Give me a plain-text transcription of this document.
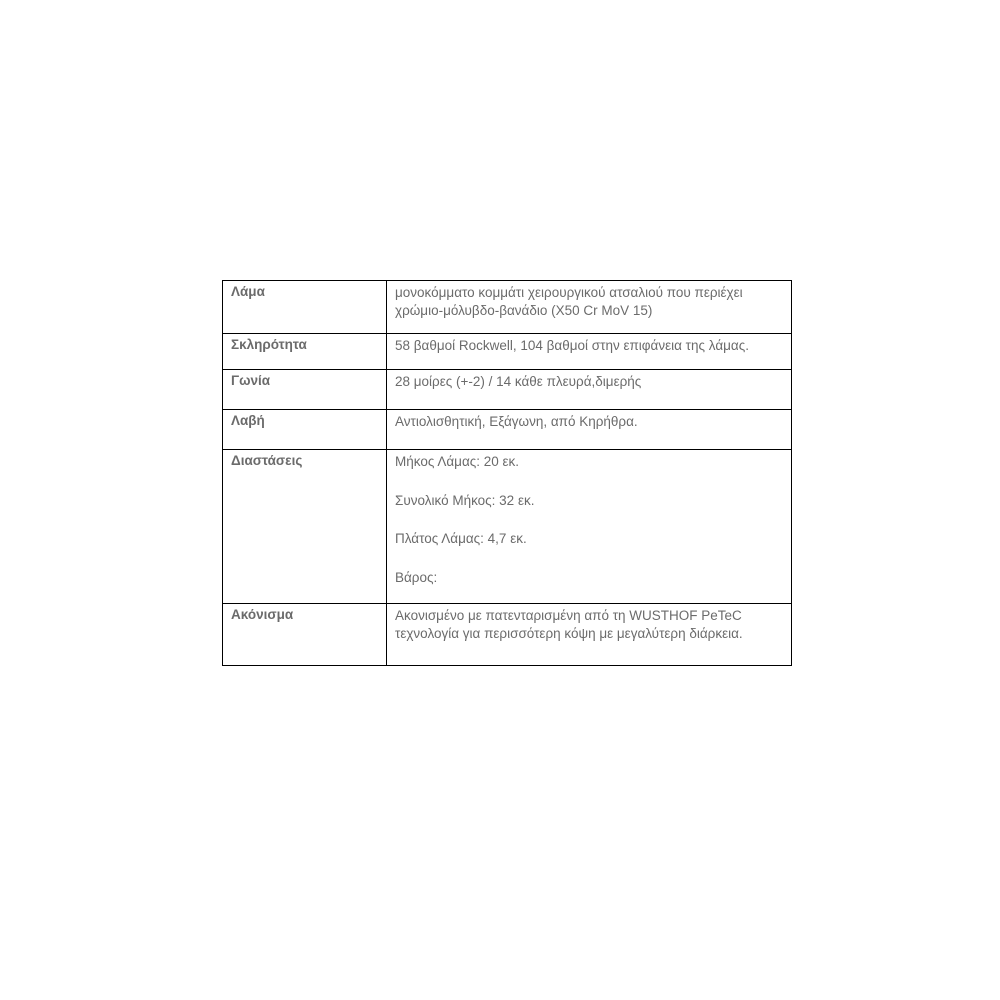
Λάμα	μονοκόμματο κομμάτι χειρουργικού ατσαλιού που περιέχει
χρώμιο-μόλυβδο-βανάδιο (X50 Cr MoV 15)
Σκληρότητα	58 βαθμοί Rockwell, 104 βαθμοί στην επιφάνεια της λάμας.
Γωνία	28 μοίρες (+-2) / 14 κάθε πλευρά,διμερής
Λαβή	Αντιολισθητική, Εξάγωνη, από Κηρήθρα.
Διαστάσεις	Μήκος Λάμας: 20 εκ.
Συνολικό Μήκος: 32 εκ.
Πλάτος Λάμας: 4,7 εκ.
Βάρος:

Ακόνισμα	Ακονισμένο με πατενταρισμένη από τη WUSTHOF PeTeC
τεχνολογία για περισσότερη κόψη με μεγαλύτερη διάρκεια.
